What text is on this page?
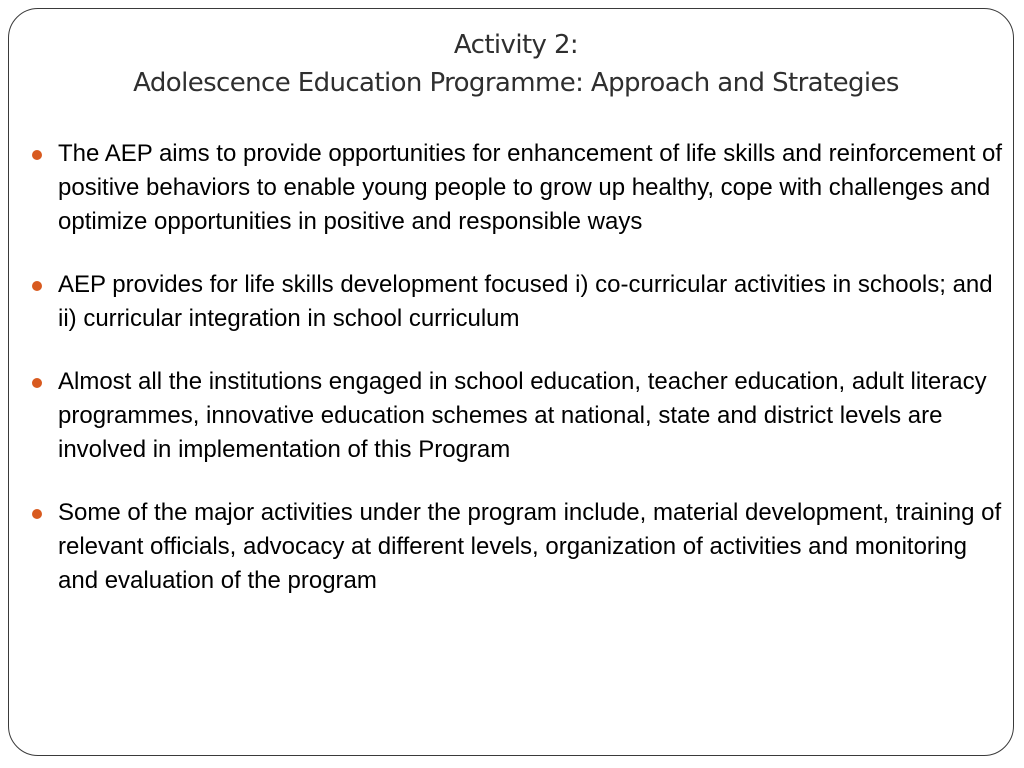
Activity 2:
Adolescence Education Programme: Approach and Strategies
The AEP aims to provide opportunities for enhancement of life skills and reinforcement of positive behaviors to enable young people to grow up healthy, cope with challenges and optimize opportunities in positive and responsible ways
AEP provides for life skills development focused i) co-curricular activities in schools; and ii) curricular integration in school curriculum
Almost all the institutions engaged in school education, teacher education, adult literacy programmes, innovative education schemes at national, state and district levels are involved in implementation of this Program
Some of the major activities under the program include, material development, training of relevant officials, advocacy at different levels, organization of activities and monitoring and evaluation of the program
